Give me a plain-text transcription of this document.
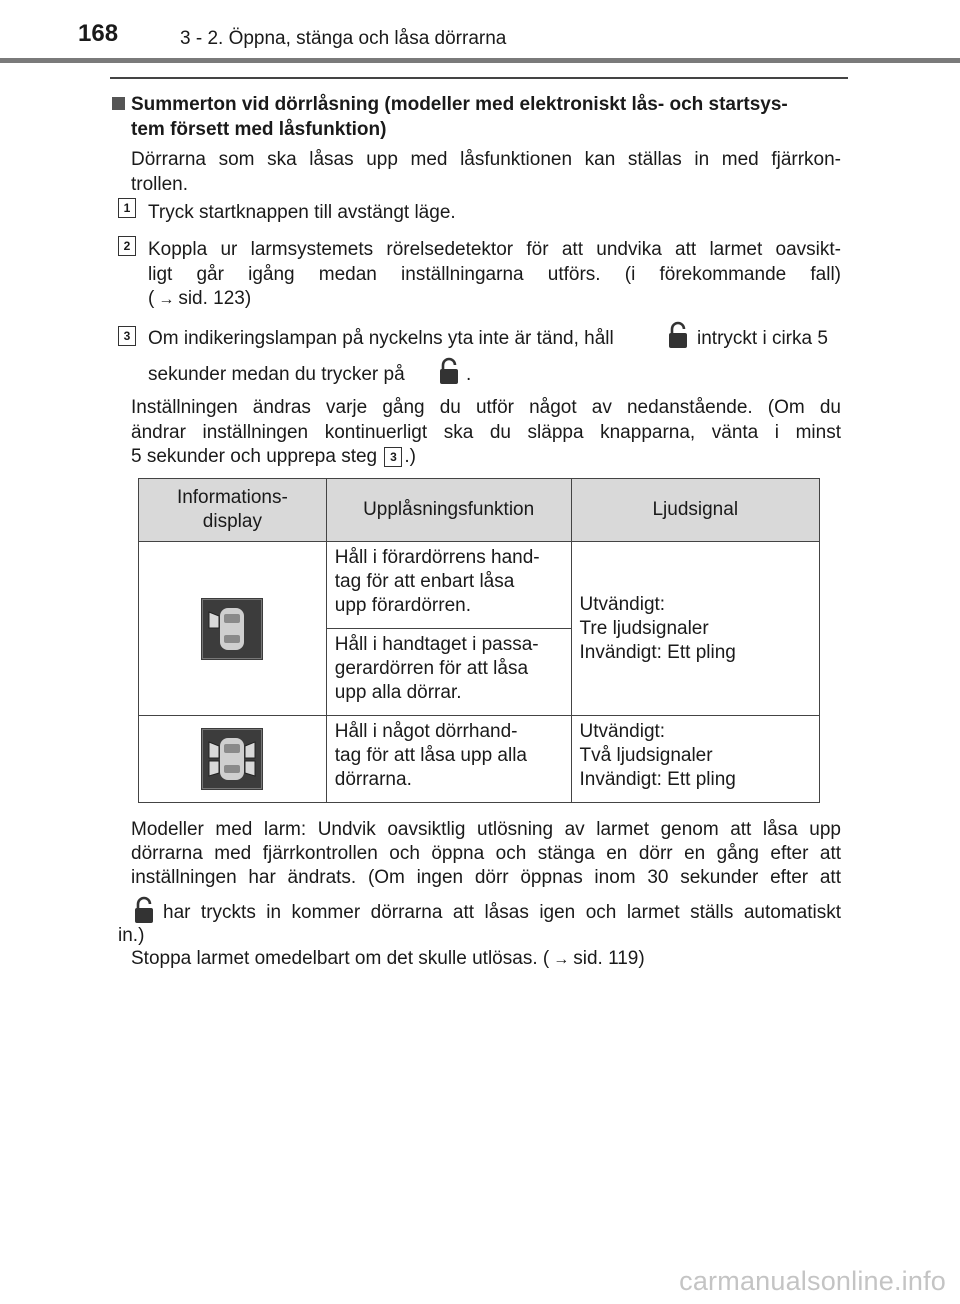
168	3 - 2. Öppna, stänga och låsa dörrarna
Summerton vid dörrlåsning (modeller med elektroniskt lås- och startsys-
tem försett med låsfunktion)
Dörrarna som ska låsas upp med låsfunktionen kan ställas in med fjärrkon-
trollen.
1 Tryck startknappen till avstängt läge.
2 Koppla ur larmsystemets rörelsedetektor för att undvika att larmet oavsikt-
ligt går igång medan inställningarna utförs. (i förekommande fall)
( → sid. 123)
3 Om indikeringslampan på nyckelns yta inte är tänd, håll	intryckt i cirka 5
sekunder medan du trycker på	.
Inställningen ändras varje gång du utför något av nedanstående. (Om du
ändrar inställningen kontinuerligt ska du släppa knapparna, vänta i minst
5 sekunder och upprepa steg 3 .)
Informations-
display	Upplåsningsfunktion	Ljudsignal

	Håll i förardörrens hand-
tag för att enbart låsa
upp förardörren.	Utvändigt:
Tre ljudsignaler
Invändigt: Ett pling
	Håll i handtaget i passa-
gerardörren för att låsa
upp alla dörrar.	

	Håll i något dörrhand-
tag för att låsa upp alla
dörrarna.	Utvändigt:
Två ljudsignaler
Invändigt: Ett pling
Modeller med larm: Undvik oavsiktlig utlösning av larmet genom att låsa upp
dörrarna med fjärrkontrollen och öppna och stänga en dörr en gång efter att
inställningen har ändrats. (Om ingen dörr öppnas inom 30 sekunder efter att
har tryckts in kommer dörrarna att låsas igen och larmet ställs automatiskt
in.)
Stoppa larmet omedelbart om det skulle utlösas. ( → sid. 119)
carmanualsonline.info
